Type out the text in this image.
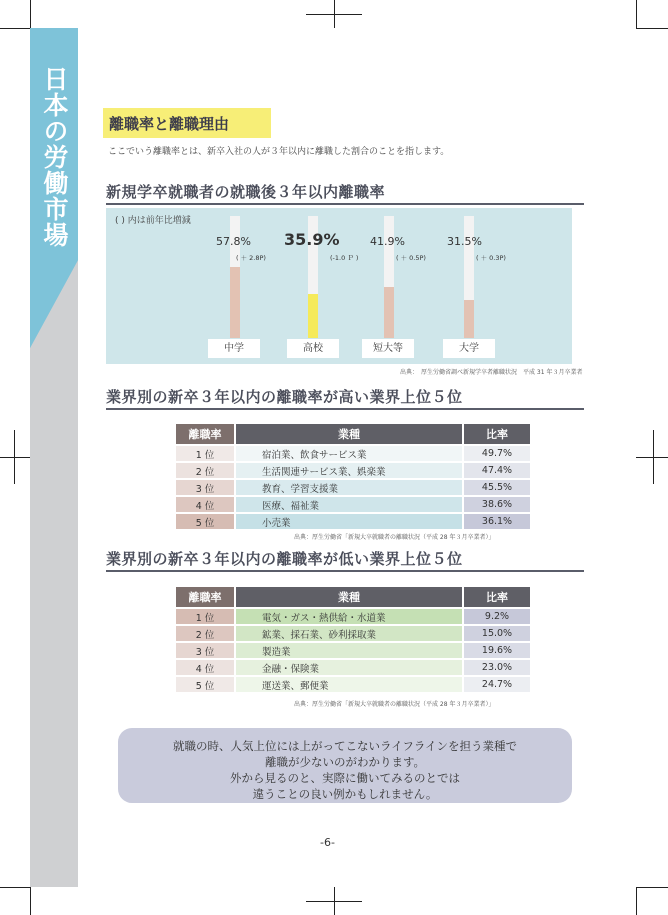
日本の労働市場	離職率と離職理由
ここでいう離職率とは、新卒入社の人が３年以内に離職した割合のことを指します。
新規学卒就職者の就職後３年以内離職率
( ) 内は前年比増減
57.8%
( ＋ 2.8P)
中学
35.9%
(-1.0 Ｐ )
高校
41.9%
( ＋ 0.5P)
短大等
31.5%
( ＋ 0.3P)
大学
出典：　厚生労働省調べ新規学卒者離職状況　平成 31 年３月卒業者
業界別の新卒３年以内の離職率が高い業界上位５位
離職率	業種	比率
1 位	宿泊業、飲食サービス業	49.7%
2 位	生活関連サービス業、娯楽業	47.4%
3 位	教育、学習支援業	45.5%
4 位	医療、福祉業	38.6%
5 位	小売業	36.1%
出典：厚生労働省「新規大卒就職者の離職状況（平成 28 年３月卒業者）」
業界別の新卒３年以内の離職率が低い業界上位５位
離職率	業種	比率
1 位	電気・ガス・熱供給・水道業	9.2%
2 位	鉱業、採石業、砂利採取業	15.0%
3 位	製造業	19.6%
4 位	金融・保険業	23.0%
5 位	運送業、郵便業	24.7%
出典：厚生労働省「新規大卒就職者の離職状況（平成 28 年３月卒業者）」
就職の時、人気上位には上がってこないライフラインを担う業種で
離職が少ないのがわかります。
外から見るのと、実際に働いてみるのとでは
違うことの良い例かもしれません。
-6-
